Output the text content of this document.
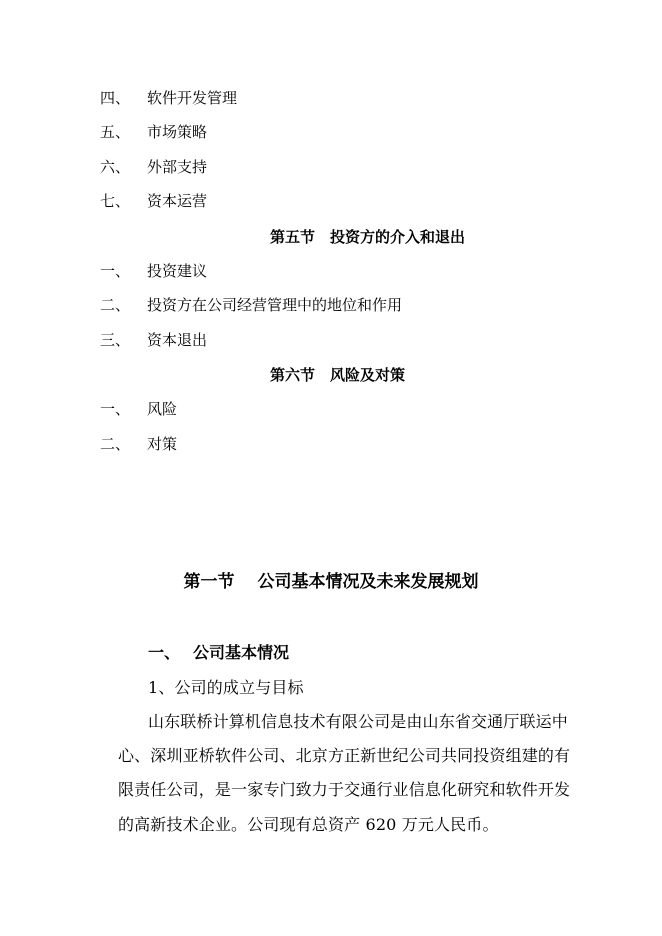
四、	软件开发管理
五、	市场策略
六、	外部支持
七、	资本运营
第五节　投资方的介入和退出
一、	投资建议
二、	投资方在公司经营管理中的地位和作用
三、	资本退出
第六节　风险及对策
一、	风险
二、	对策
第一节　 公司基本情况及未来发展规划
一、 公司基本情况
1、公司的成立与目标
山东联桥计算机信息技术有限公司是由山东省交通厅联运中
心、深圳亚桥软件公司、北京方正新世纪公司共同投资组建的有
限责任公司，是一家专门致力于交通行业信息化研究和软件开发
的高新技术企业。公司现有总资产 620 万元人民币。
